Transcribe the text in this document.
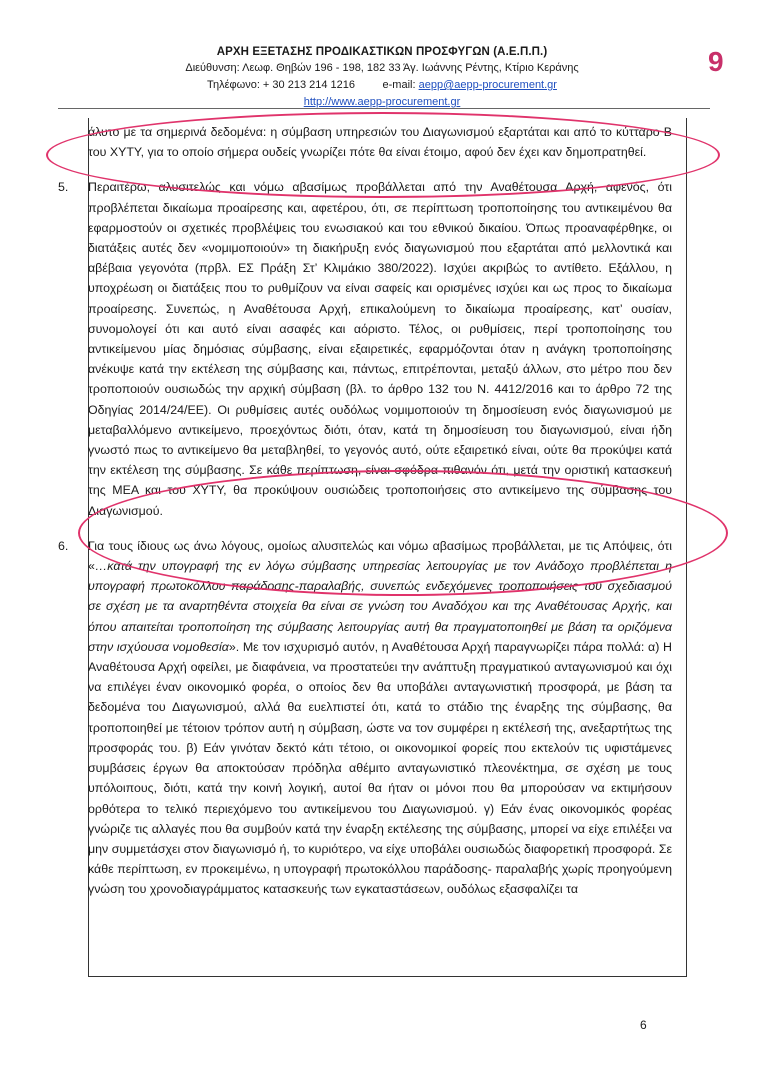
ΑΡΧΗ ΕΞΕΤΑΣΗΣ ΠΡΟΔΙΚΑΣΤΙΚΩΝ ΠΡΟΣΦΥΓΩΝ (Α.Ε.Π.Π.)
Διεύθυνση: Λεωφ. Θηβών 196 - 198, 182 33 Άγ. Ιωάννης Ρέντης, Κτίριο Κεράνης
Τηλέφωνο: + 30 213 214 1216	e-mail: aepp@aepp-procurement.gr
http://www.aepp-procurement.gr
9

άλυτο με τα σημερινά δεδομένα: η σύμβαση υπηρεσιών του Διαγωνισμού εξαρτάται και από το κύτταρο Β του ΧΥΤΥ, για το οποίο σήμερα ουδείς γνωρίζει πότε θα είναι έτοιμο, αφού δεν έχει καν δημοπρατηθεί.

5.	Περαιτέρω, αλυσιτελώς και νόμω αβασίμως προβάλλεται από την Αναθέτουσα Αρχή, αφενός, ότι προβλέπεται δικαίωμα προαίρεσης και, αφετέρου, ότι, σε περίπτωση τροποποίησης του αντικειμένου θα εφαρμοστούν οι σχετικές προβλέψεις του ενωσιακού και του εθνικού δικαίου. Όπως προαναφέρθηκε, οι διατάξεις αυτές δεν «νομιμοποιούν» τη διακήρυξη ενός διαγωνισμού που εξαρτάται από μελλοντικά και αβέβαια γεγονότα (πρβλ. ΕΣ Πράξη Στ’ Κλιμάκιο 380/2022). Ισχύει ακριβώς το αντίθετο. Εξάλλου, η υποχρέωση οι διατάξεις που το ρυθμίζουν να είναι σαφείς και ορισμένες ισχύει και ως προς το δικαίωμα προαίρεσης. Συνεπώς, η Αναθέτουσα Αρχή, επικαλούμενη το δικαίωμα προαίρεσης, κατ’ ουσίαν, συνομολογεί ότι και αυτό είναι ασαφές και αόριστο. Τέλος, οι ρυθμίσεις, περί τροποποίησης του αντικείμενου μίας δημόσιας σύμβασης, είναι εξαιρετικές, εφαρμόζονται όταν η ανάγκη τροποποίησης ανέκυψε κατά την εκτέλεση της σύμβασης και, πάντως, επιτρέπονται, μεταξύ άλλων, στο μέτρο που δεν τροποποιούν ουσιωδώς την αρχική σύμβαση (βλ. το άρθρο 132 του Ν. 4412/2016 και το άρθρο 72 της Οδηγίας 2014/24/ΕΕ). Οι ρυθμίσεις αυτές ουδόλως νομιμοποιούν τη δημοσίευση ενός διαγωνισμού με μεταβαλλόμενο αντικείμενο, προεχόντως διότι, όταν, κατά τη δημοσίευση του διαγωνισμού, είναι ήδη γνωστό πως το αντικείμενο θα μεταβληθεί, το γεγονός αυτό, ούτε εξαιρετικό είναι, ούτε θα προκύψει κατά την εκτέλεση της σύμβασης. Σε κάθε περίπτωση, είναι σφόδρα πιθανόν ότι, μετά την οριστική κατασκευή της ΜΕΑ και του ΧΥΤΥ, θα προκύψουν ουσιώδεις τροποποιήσεις στο αντικείμενο της σύμβασης του Διαγωνισμού.

6.	Για τους ίδιους ως άνω λόγους, ομοίως αλυσιτελώς και νόμω αβασίμως προβάλλεται, με τις Απόψεις, ότι «…κατά την υπογραφή της εν λόγω σύμβασης υπηρεσίας λειτουργίας με τον Ανάδοχο προβλέπεται η υπογραφή πρωτοκόλλου παράδοσης-παραλαβής, συνεπώς ενδεχόμενες τροποποιήσεις του σχεδιασμού σε σχέση με τα αναρτηθέντα στοιχεία θα είναι σε γνώση του Αναδόχου και της Αναθέτουσας Αρχής, και όπου απαιτείται τροποποίηση της σύμβασης λειτουργίας αυτή θα πραγματοποιηθεί με βάση τα οριζόμενα στην ισχύουσα νομοθεσία». Με τον ισχυρισμό αυτόν, η Αναθέτουσα Αρχή παραγνωρίζει πάρα πολλά: α) Η Αναθέτουσα Αρχή οφείλει, με διαφάνεια, να προστατεύει την ανάπτυξη πραγματικού ανταγωνισμού και όχι να επιλέγει έναν οικονομικό φορέα, ο οποίος δεν θα υποβάλει ανταγωνιστική προσφορά, με βάση τα δεδομένα του Διαγωνισμού, αλλά θα ευελπιστεί ότι, κατά το στάδιο της έναρξης της σύμβασης, θα τροποποιηθεί με τέτοιον τρόπον αυτή η σύμβαση, ώστε να τον συμφέρει η εκτέλεσή της, ανεξαρτήτως της προσφοράς του. β) Εάν γινόταν δεκτό κάτι τέτοιο, οι οικονομικοί φορείς που εκτελούν τις υφιστάμενες συμβάσεις έργων θα αποκτούσαν πρόδηλα αθέμιτο ανταγωνιστικό πλεονέκτημα, σε σχέση με τους υπόλοιπους, διότι, κατά την κοινή λογική, αυτοί θα ήταν οι μόνοι που θα μπορούσαν να εκτιμήσουν ορθότερα το τελικό περιεχόμενο του αντικείμενου του Διαγωνισμού. γ) Εάν ένας οικονομικός φορέας γνώριζε τις αλλαγές που θα συμβούν κατά την έναρξη εκτέλεσης της σύμβασης, μπορεί να είχε επιλέξει να μην συμμετάσχει στον διαγωνισμό ή, το κυριότερο, να είχε υποβάλει ουσιωδώς διαφορετική προσφορά. Σε κάθε περίπτωση, εν προκειμένω, η υπογραφή πρωτοκόλλου παράδοσης- παραλαβής χωρίς προηγούμενη γνώση του χρονοδιαγράμματος κατασκευής των εγκαταστάσεων, ουδόλως εξασφαλίζει τα

6
